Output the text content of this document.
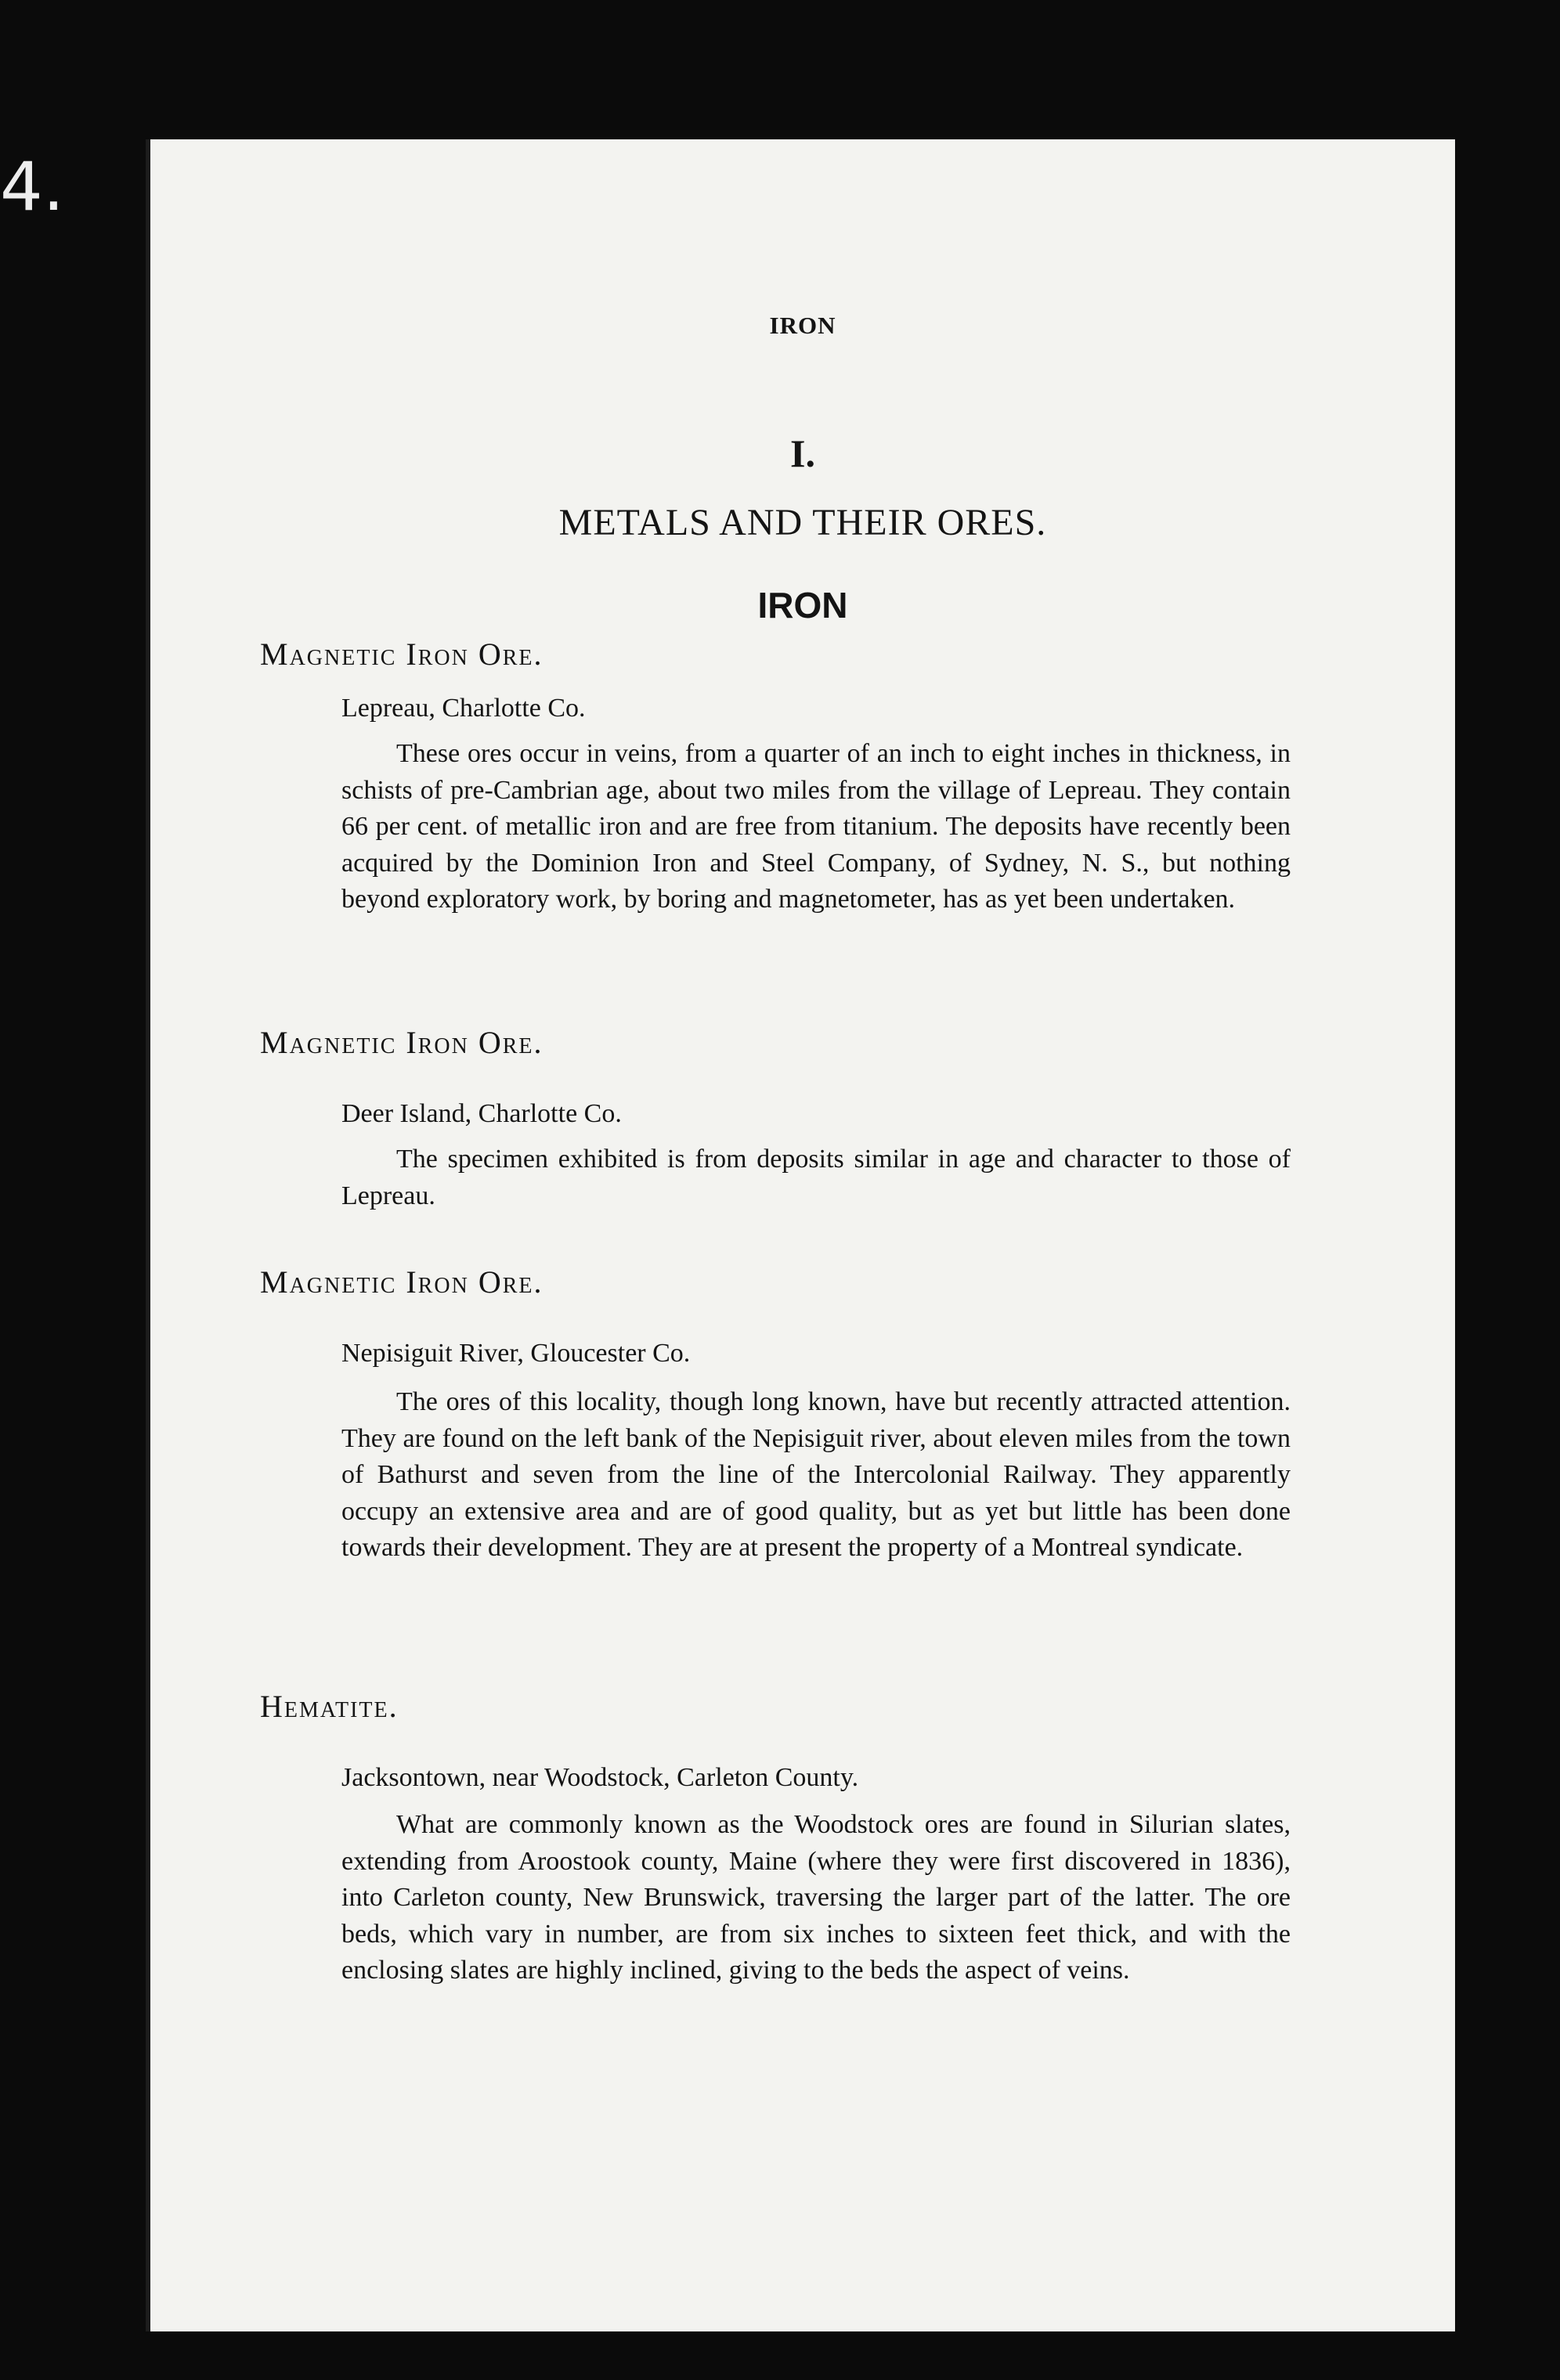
4.
IRON
I.
METALS AND THEIR ORES.
IRON
Magnetic Iron Ore.
Lepreau, Charlotte Co.

These ores occur in veins, from a quarter of an inch to eight inches in thickness, in schists of pre-Cambrian age, about two miles from the village of Lepreau. They contain 66 per cent. of metallic iron and are free from titanium. The deposits have recently been acquired by the Dominion Iron and Steel Company, of Sydney, N. S., but nothing beyond exploratory work, by boring and magnetometer, has as yet been undertaken.

Magnetic Iron Ore.
Deer Island, Charlotte Co.

The specimen exhibited is from deposits similar in age and character to those of Lepreau.

Magnetic Iron Ore.
Nepisiguit River, Gloucester Co.

The ores of this locality, though long known, have but recently attracted attention. They are found on the left bank of the Nepisiguit river, about eleven miles from the town of Bathurst and seven from the line of the Intercolonial Railway. They apparently occupy an extensive area and are of good quality, but as yet but little has been done towards their development. They are at present the property of a Montreal syndicate.

Hematite.
Jacksontown, near Woodstock, Carleton County.

What are commonly known as the Woodstock ores are found in Silurian slates, extending from Aroostook county, Maine (where they were first discovered in 1836), into Carleton county, New Brunswick, traversing the larger part of the latter. The ore beds, which vary in number, are from six inches to sixteen feet thick, and with the enclosing slates are highly inclined, giving to the beds the aspect of veins.
